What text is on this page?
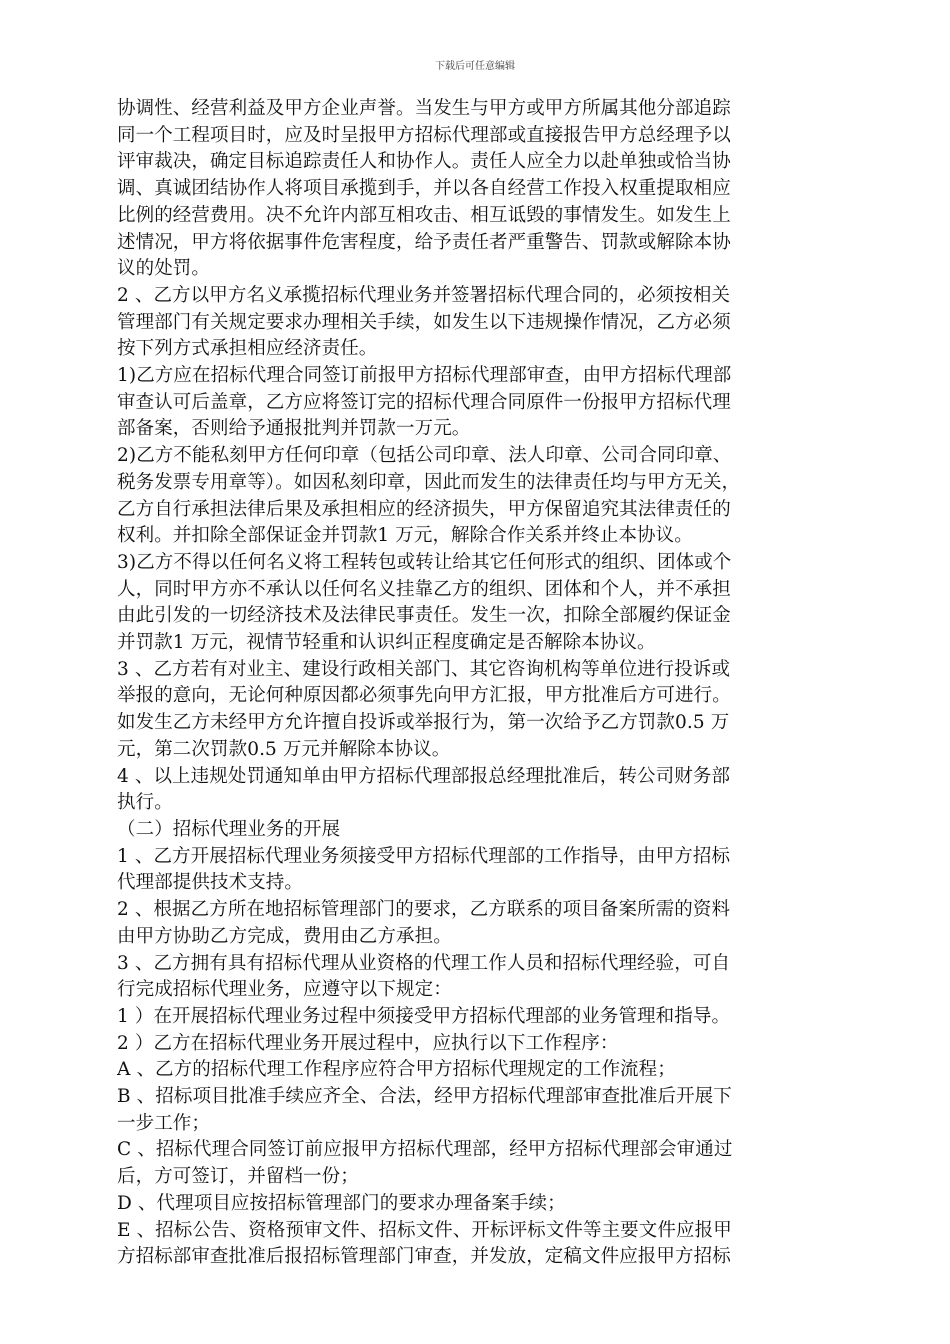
下载后可任意编辑
协调性、经营利益及甲方企业声誉。当发生与甲方或甲方所属其他分部追踪
同一个工程项目时，应及时呈报甲方招标代理部或直接报告甲方总经理予以
评审裁决，确定目标追踪责任人和协作人。责任人应全力以赴单独或恰当协
调、真诚团结协作人将项目承揽到手，并以各自经营工作投入权重提取相应
比例的经营费用。决不允许内部互相攻击、相互诋毁的事情发生。如发生上
述情况，甲方将依据事件危害程度，给予责任者严重警告、罚款或解除本协
议的处罚。
2 、乙方以甲方名义承揽招标代理业务并签署招标代理合同的，必须按相关
管理部门有关规定要求办理相关手续，如发生以下违规操作情况，乙方必须
按下列方式承担相应经济责任。
1)乙方应在招标代理合同签订前报甲方招标代理部审查，由甲方招标代理部
审查认可后盖章，乙方应将签订完的招标代理合同原件一份报甲方招标代理
部备案，否则给予通报批判并罚款一万元。
2)乙方不能私刻甲方任何印章（包括公司印章、法人印章、公司合同印章、
税务发票专用章等）。如因私刻印章，因此而发生的法律责任均与甲方无关，
乙方自行承担法律后果及承担相应的经济损失，甲方保留追究其法律责任的
权利。并扣除全部保证金并罚款1 万元，解除合作关系并终止本协议。
3)乙方不得以任何名义将工程转包或转让给其它任何形式的组织、团体或个
人，同时甲方亦不承认以任何名义挂靠乙方的组织、团体和个人，并不承担
由此引发的一切经济技术及法律民事责任。发生一次，扣除全部履约保证金
并罚款1 万元，视情节轻重和认识纠正程度确定是否解除本协议。
3 、乙方若有对业主、建设行政相关部门、其它咨询机构等单位进行投诉或
举报的意向，无论何种原因都必须事先向甲方汇报，甲方批准后方可进行。
如发生乙方未经甲方允许擅自投诉或举报行为，第一次给予乙方罚款0.5 万
元，第二次罚款0.5 万元并解除本协议。
4 、以上违规处罚通知单由甲方招标代理部报总经理批准后，转公司财务部
执行。
（二）招标代理业务的开展
1 、乙方开展招标代理业务须接受甲方招标代理部的工作指导，由甲方招标
代理部提供技术支持。
2 、根据乙方所在地招标管理部门的要求，乙方联系的项目备案所需的资料
由甲方协助乙方完成，费用由乙方承担。
3 、乙方拥有具有招标代理从业资格的代理工作人员和招标代理经验，可自
行完成招标代理业务，应遵守以下规定：
1 ）在开展招标代理业务过程中须接受甲方招标代理部的业务管理和指导。
2 ）乙方在招标代理业务开展过程中，应执行以下工作程序：
A 、乙方的招标代理工作程序应符合甲方招标代理规定的工作流程；
B 、招标项目批准手续应齐全、合法，经甲方招标代理部审查批准后开展下
一步工作；
C 、招标代理合同签订前应报甲方招标代理部，经甲方招标代理部会审通过
后，方可签订，并留档一份；
D 、代理项目应按招标管理部门的要求办理备案手续；
E 、招标公告、资格预审文件、招标文件、开标评标文件等主要文件应报甲
方招标部审查批准后报招标管理部门审查，并发放，定稿文件应报甲方招标
